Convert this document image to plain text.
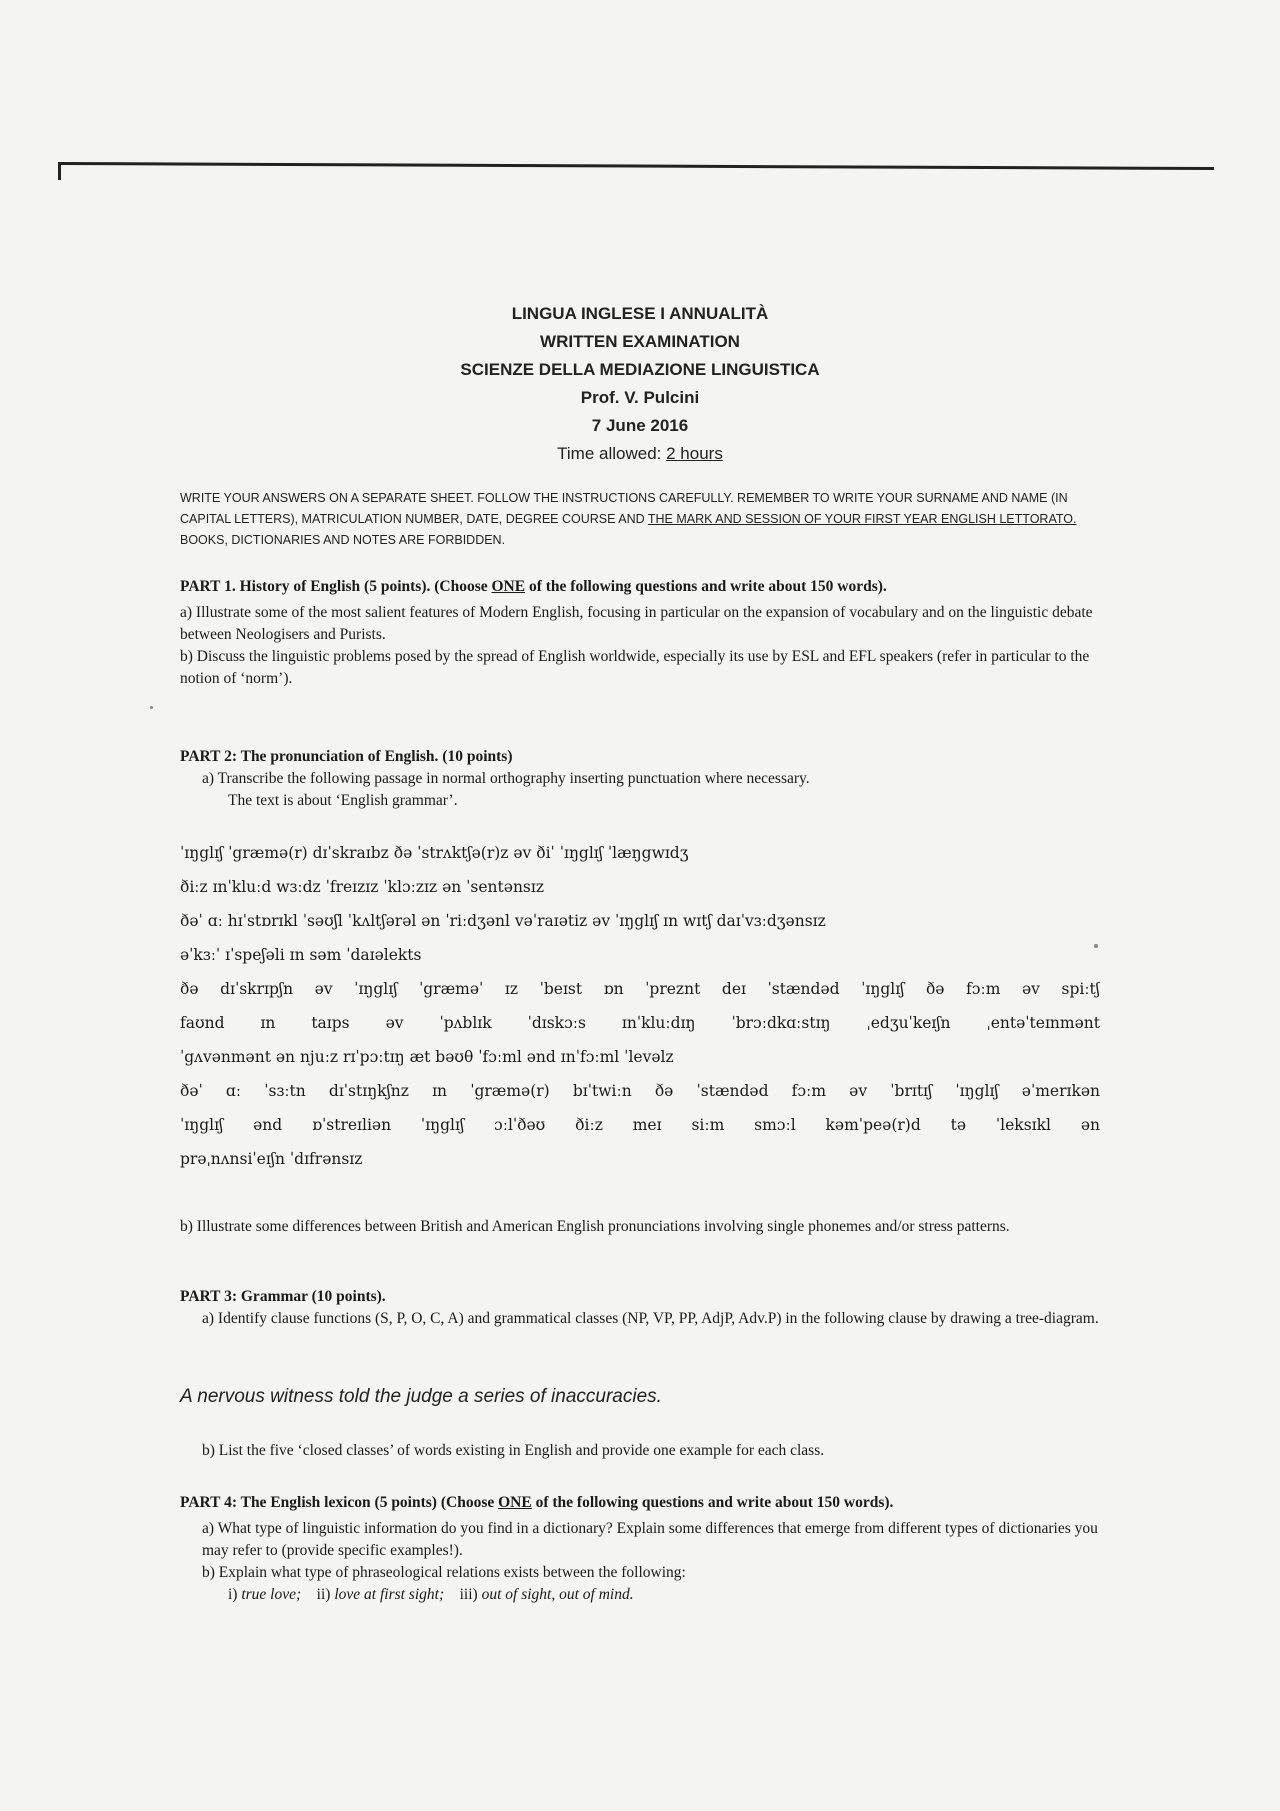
LINGUA INGLESE I ANNUALITÀ
WRITTEN EXAMINATION
SCIENZE DELLA MEDIAZIONE LINGUISTICA
Prof. V. Pulcini
7 June 2016
Time allowed: 2 hours
WRITE YOUR ANSWERS ON A SEPARATE SHEET. FOLLOW THE INSTRUCTIONS CAREFULLY. REMEMBER TO WRITE YOUR SURNAME AND NAME (IN CAPITAL LETTERS), MATRICULATION NUMBER, DATE, DEGREE COURSE AND THE MARK AND SESSION OF YOUR FIRST YEAR ENGLISH LETTORATO. BOOKS, DICTIONARIES AND NOTES ARE FORBIDDEN.
PART 1. History of English (5 points). (Choose ONE of the following questions and write about 150 words).
a) Illustrate some of the most salient features of Modern English, focusing in particular on the expansion of vocabulary and on the linguistic debate between Neologisers and Purists.
b) Discuss the linguistic problems posed by the spread of English worldwide, especially its use by ESL and EFL speakers (refer in particular to the notion of ‘norm’).
PART 2: The pronunciation of English. (10 points)
a) Transcribe the following passage in normal orthography inserting punctuation where necessary.
The text is about ‘English grammar’.
ˈɪŋglɪʃ ˈgræmə(r) dɪˈskraɪbz ðə ˈstrʌktʃə(r)z əv ðiˈ ˈɪŋglɪʃ ˈlæŋgwɪdʒ
ðiːz ɪnˈkluːd wɜːdz ˈfreɪzɪz ˈklɔːzɪz ən ˈsentənsɪz
ðəˈ ɑː hɪˈstɒrɪkl ˈsəʊʃl ˈkʌltʃərəl ən ˈriːdʒənl vəˈraɪətiz əv ˈɪŋglɪʃ ɪn wɪtʃ daɪˈvɜːdʒənsɪz
əˈkɜːˈ ɪˈspeʃəli ɪn səm ˈdaɪəlekts
ðə dɪˈskrɪpʃn əv ˈɪŋglɪʃ ˈgræməˈ ɪz ˈbeɪst ɒn ˈpreznt deɪ ˈstændəd ˈɪŋglɪʃ ðə fɔːm əv spiːtʃ
faʊnd ɪn taɪps əv ˈpʌblɪk ˈdɪskɔːs ɪnˈkluːdɪŋ ˈbrɔːdkɑːstɪŋ ˌedʒuˈkeɪʃn ˌentəˈteɪnmənt
ˈgʌvənmənt ən njuːz rɪˈpɔːtɪŋ æt bəʊθ ˈfɔːml ənd ɪnˈfɔːml ˈlevəlz
ðəˈ ɑː ˈsɜːtn dɪˈstɪŋkʃnz ɪn ˈgræmə(r) bɪˈtwiːn ðə ˈstændəd fɔːm əv ˈbrɪtɪʃ ˈɪŋglɪʃ əˈmerɪkən
ˈɪŋglɪʃ ənd ɒˈstreɪliən ˈɪŋglɪʃ ɔːlˈðəʊ ðiːz meɪ siːm smɔːl kəmˈpeə(r)d tə ˈleksɪkl ən
prəˌnʌnsiˈeɪʃn ˈdɪfrənsɪz
b) Illustrate some differences between British and American English pronunciations involving single phonemes and/or stress patterns.
PART 3: Grammar (10 points).
a) Identify clause functions (S, P, O, C, A) and grammatical classes (NP, VP, PP, AdjP, Adv.P) in the following clause by drawing a tree-diagram.
A nervous witness told the judge a series of inaccuracies.
b) List the five ‘closed classes’ of words existing in English and provide one example for each class.
PART 4: The English lexicon (5 points) (Choose ONE of the following questions and write about 150 words).
a) What type of linguistic information do you find in a dictionary? Explain some differences that emerge from different types of dictionaries you may refer to (provide specific examples!).
b) Explain what type of phraseological relations exists between the following:
i) true love; ii) love at first sight; iii) out of sight, out of mind.
